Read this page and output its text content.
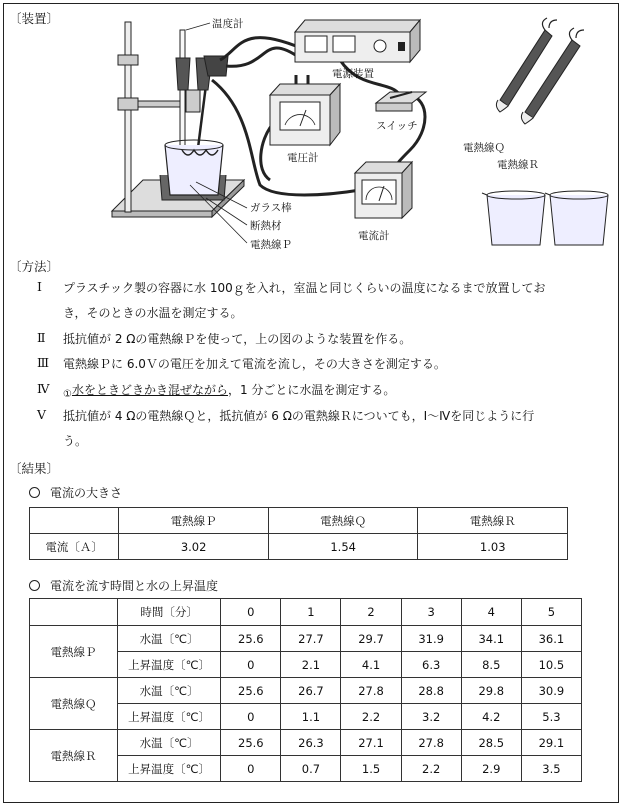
〔装置〕	温度計
電源装置
スイッチ
電圧計
電流計
ガラス棒
断熱材
電熱線Ｐ
電熱線Ｑ
電熱線Ｒ
〔方法〕
Ⅰ プラスチック製の容器に水 100ｇを入れ，室温と同じくらいの温度になるまで放置してお
き，そのときの水温を測定する。
Ⅱ 抵抗値が 2 Ωの電熱線Ｐを使って，上の図のような装置を作る。
Ⅲ 電熱線Ｐに 6.0Ｖの電圧を加えて電流を流し，その大きさを測定する。
Ⅳ $_①$水をときどきかき混ぜながら，1 分ごとに水温を測定する。
Ⅴ 抵抗値が 4 Ωの電熱線Ｑと，抵抗値が 6 Ωの電熱線Ｒについても，Ⅰ～Ⅳを同じように行
う。
〔結果〕
電流の大きさ
	電熱線Ｐ	電熱線Ｑ	電熱線Ｒ
電流〔Ａ〕	3.02	1.54	1.03
電流を流す時間と水の上昇温度
	時間〔分〕	0	1	2	3	4	5
電熱線Ｐ	水温〔℃〕	25.6	27.7	29.7	31.9	34.1	36.1
	上昇温度〔℃〕	0	2.1	4.1	6.3	8.5	10.5
電熱線Ｑ	水温〔℃〕	25.6	26.7	27.8	28.8	29.8	30.9
	上昇温度〔℃〕	0	1.1	2.2	3.2	4.2	5.3
電熱線Ｒ	水温〔℃〕	25.6	26.3	27.1	27.8	28.5	29.1
	上昇温度〔℃〕	0	0.7	1.5	2.2	2.9	3.5
